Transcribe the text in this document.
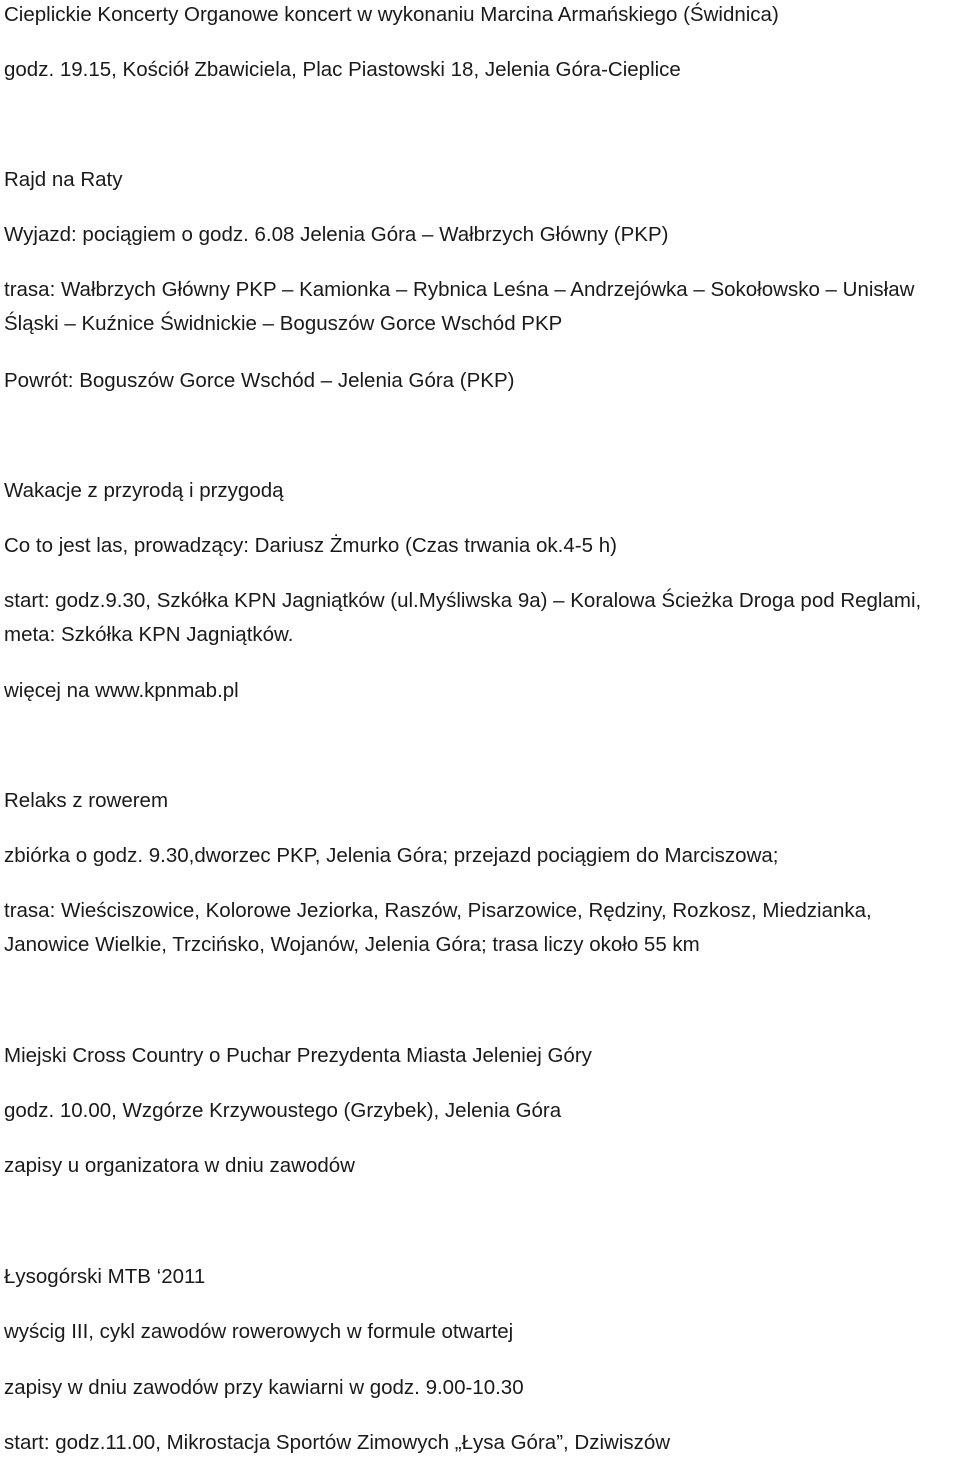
Cieplickie Koncerty Organowe koncert w wykonaniu Marcina Armańskiego (Świdnica)

godz. 19.15, Kościół Zbawiciela, Plac Piastowski 18, Jelenia Góra-Cieplice

Rajd na Raty

Wyjazd: pociągiem o godz. 6.08 Jelenia Góra – Wałbrzych Główny (PKP)

trasa: Wałbrzych Główny PKP – Kamionka – Rybnica Leśna – Andrzejówka – Sokołowsko – Unisław Śląski – Kuźnice Świdnickie – Boguszów Gorce Wschód PKP

Powrót: Boguszów Gorce Wschód – Jelenia Góra (PKP)

Wakacje z przyrodą i przygodą

Co to jest las, prowadzący: Dariusz Żmurko (Czas trwania ok.4-5 h)

start: godz.9.30, Szkółka KPN Jagniątków (ul.Myśliwska 9a) – Koralowa Ścieżka Droga pod Reglami, meta: Szkółka KPN Jagniątków.

więcej na www.kpnmab.pl

Relaks z rowerem

zbiórka o godz. 9.30,dworzec PKP, Jelenia Góra; przejazd pociągiem do Marciszowa;

trasa: Wieściszowice, Kolorowe Jeziorka, Raszów, Pisarzowice, Rędziny, Rozkosz, Miedzianka, Janowice Wielkie, Trzcińsko, Wojanów, Jelenia Góra; trasa liczy około 55 km

Miejski Cross Country o Puchar Prezydenta Miasta Jeleniej Góry

godz. 10.00, Wzgórze Krzywoustego (Grzybek), Jelenia Góra

zapisy u organizatora w dniu zawodów

Łysogórski MTB ‘2011

wyścig III, cykl zawodów rowerowych w formule otwartej

zapisy w dniu zawodów przy kawiarni w godz. 9.00-10.30

start: godz.11.00, Mikrostacja Sportów Zimowych „Łysa Góra”, Dziwiszów
